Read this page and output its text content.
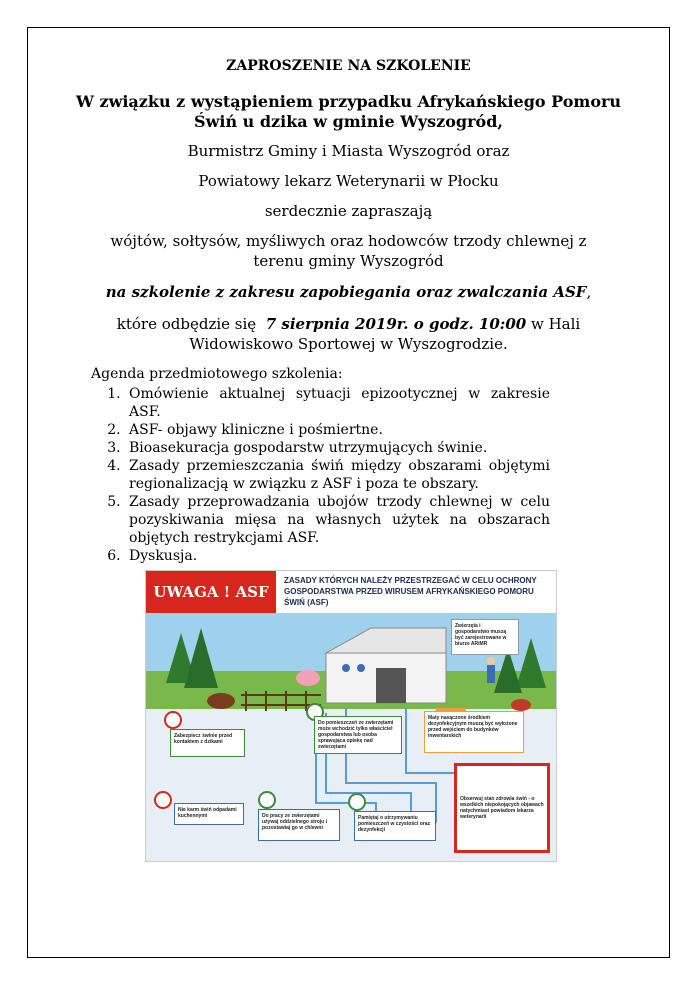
ZAPROSZENIE NA SZKOLENIE
W związku z wystąpieniem przypadku Afrykańskiego Pomoru
Świń u dzika w gminie Wyszogród,
Burmistrz Gminy i Miasta Wyszogród oraz
Powiatowy lekarz Weterynarii w Płocku
serdecznie zapraszają
wójtów, sołtysów, myśliwych oraz hodowców trzody chlewnej z
terenu gminy Wyszogród
na szkolenie z zakresu zapobiegania oraz zwalczania ASF,
które odbędzie się 7 sierpnia 2019r. o godz. 10:00 w Hali
Widowiskowo Sportowej w Wyszogrodzie.
Agenda przedmiotowego szkolenia:
1. Omówienie aktualnej sytuacji epizootycznej w zakresie ASF.
2. ASF- objawy kliniczne i pośmiertne.
3. Bioasekuracja gospodarstw utrzymujących świnie.
4. Zasady przemieszczania świń między obszarami objętymi regionalizacją w związku z ASF i poza te obszary.
5. Zasady przeprowadzania ubojów trzody chlewnej w celu pozyskiwania mięsa na własnych użytek na obszarach objętych restrykcjami ASF.
6. Dyskusja.
UWAGA ! ASF
ZASADY KTÓRYCH NALEŻY PRZESTRZEGAĆ W CELU OCHRONY GOSPODARSTWA PRZED WIRUSEM AFRYKAŃSKIEGO POMORU ŚWIŃ (ASF)
Zwierzęta i gospodarstwo muszą być zarejestrowane w biurze ARiMR
Zabezpiecz świnie przed kontaktem z dzikami
Do pomieszczeń ze zwierzętami może wchodzić tylko właściciel gospodarstwa lub osoba sprawująca opiekę nad zwierzętami
Maty nasączone środkiem dezynfekcyjnym muszą być wyłożone przed wejściem do budynków inwentarskich
Nie karm świń odpadami kuchennymi	Do pracy ze zwierzętami używaj oddzielnego stroju i pozostawiaj go w chlewni
Pamiętaj o utrzymywaniu pomieszczeń w czystości oraz dezynfekcji
Obserwuj stan zdrowia świń - o wszelkich niepokojących objawach natychmiast powiadom lekarza weterynarii
